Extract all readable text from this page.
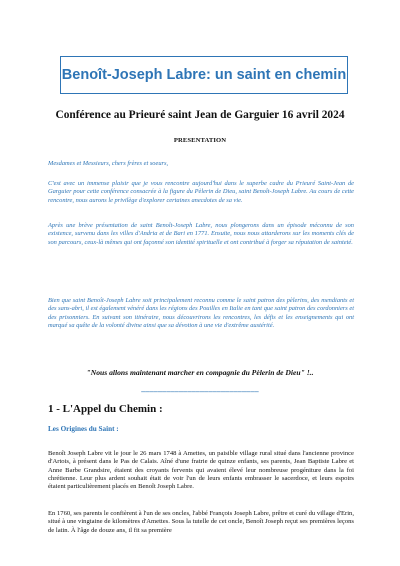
Benoît-Joseph Labre: un saint en chemin
Conférence au Prieuré saint Jean de Garguier 16 avril 2024
PRESENTATION

Mesdames et Messieurs, chers frères et soeurs,

C'est avec un immense plaisir que je vous rencontre aujourd'hui dans le superbe cadre du Prieuré Saint-Jean de Garguier pour cette conférence consacrée à la figure du Pèlerin de Dieu, saint Benoît-Joseph Labre. Au cours de cette rencontre, nous aurons le privilège d'explorer certaines anecdotes de sa vie.

Après une brève présentation de saint Benoît-Joseph Labre, nous plongerons dans un épisode méconnu de son existence, survenu dans les villes d'Andria et de Bari en 1771. Ensuite, nous nous attarderons sur les moments clés de son parcours, ceux-là mêmes qui ont façonné son identité spirituelle et ont contribué à forger sa réputation de sainteté.

Bien que saint Benoît-Joseph Labre soit principalement reconnu comme le saint patron des pèlerins, des mendiants et des sans-abri, il est également vénéré dans les régions des Pouilles en Italie en tant que saint patron des cordonniers et des prisonniers. En suivant son itinéraire, nous découvrirons les rencontres, les défis et les enseignements qui ont marqué sa quête de la volonté divine ainsi que sa dévotion à une vie d'extrême austérité.

"Nous allons maintenant marcher en compagnie du Pèlerin de Dieu" !..
____________________________
1 - L'Appel du Chemin :
Les Origines du Saint :

Benoît Joseph Labre vit le jour le 26 mars 1748 à Amettes, un paisible village rural situé dans l'ancienne province d'Artois, à présent dans le Pas de Calais. Aîné d'une fratrie de quinze enfants, ses parents, Jean Baptiste Labre et Anne Barbe Grandsire, étaient des croyants fervents qui avaient élevé leur nombreuse progéniture dans la foi chrétienne. Leur plus ardent souhait était de voir l'un de leurs enfants embrasser le sacerdoce, et leurs espoirs étaient particulièrement placés en Benoît Joseph Labre.

En 1760, ses parents le confièrent à l'un de ses oncles, l'abbé François Joseph Labre, prêtre et curé du village d'Erin, situé à une vingtaine de kilomètres d'Amettes. Sous la tutelle de cet oncle, Benoît Joseph reçut ses premières leçons de latin. À l'âge de douze ans, il fit sa première
